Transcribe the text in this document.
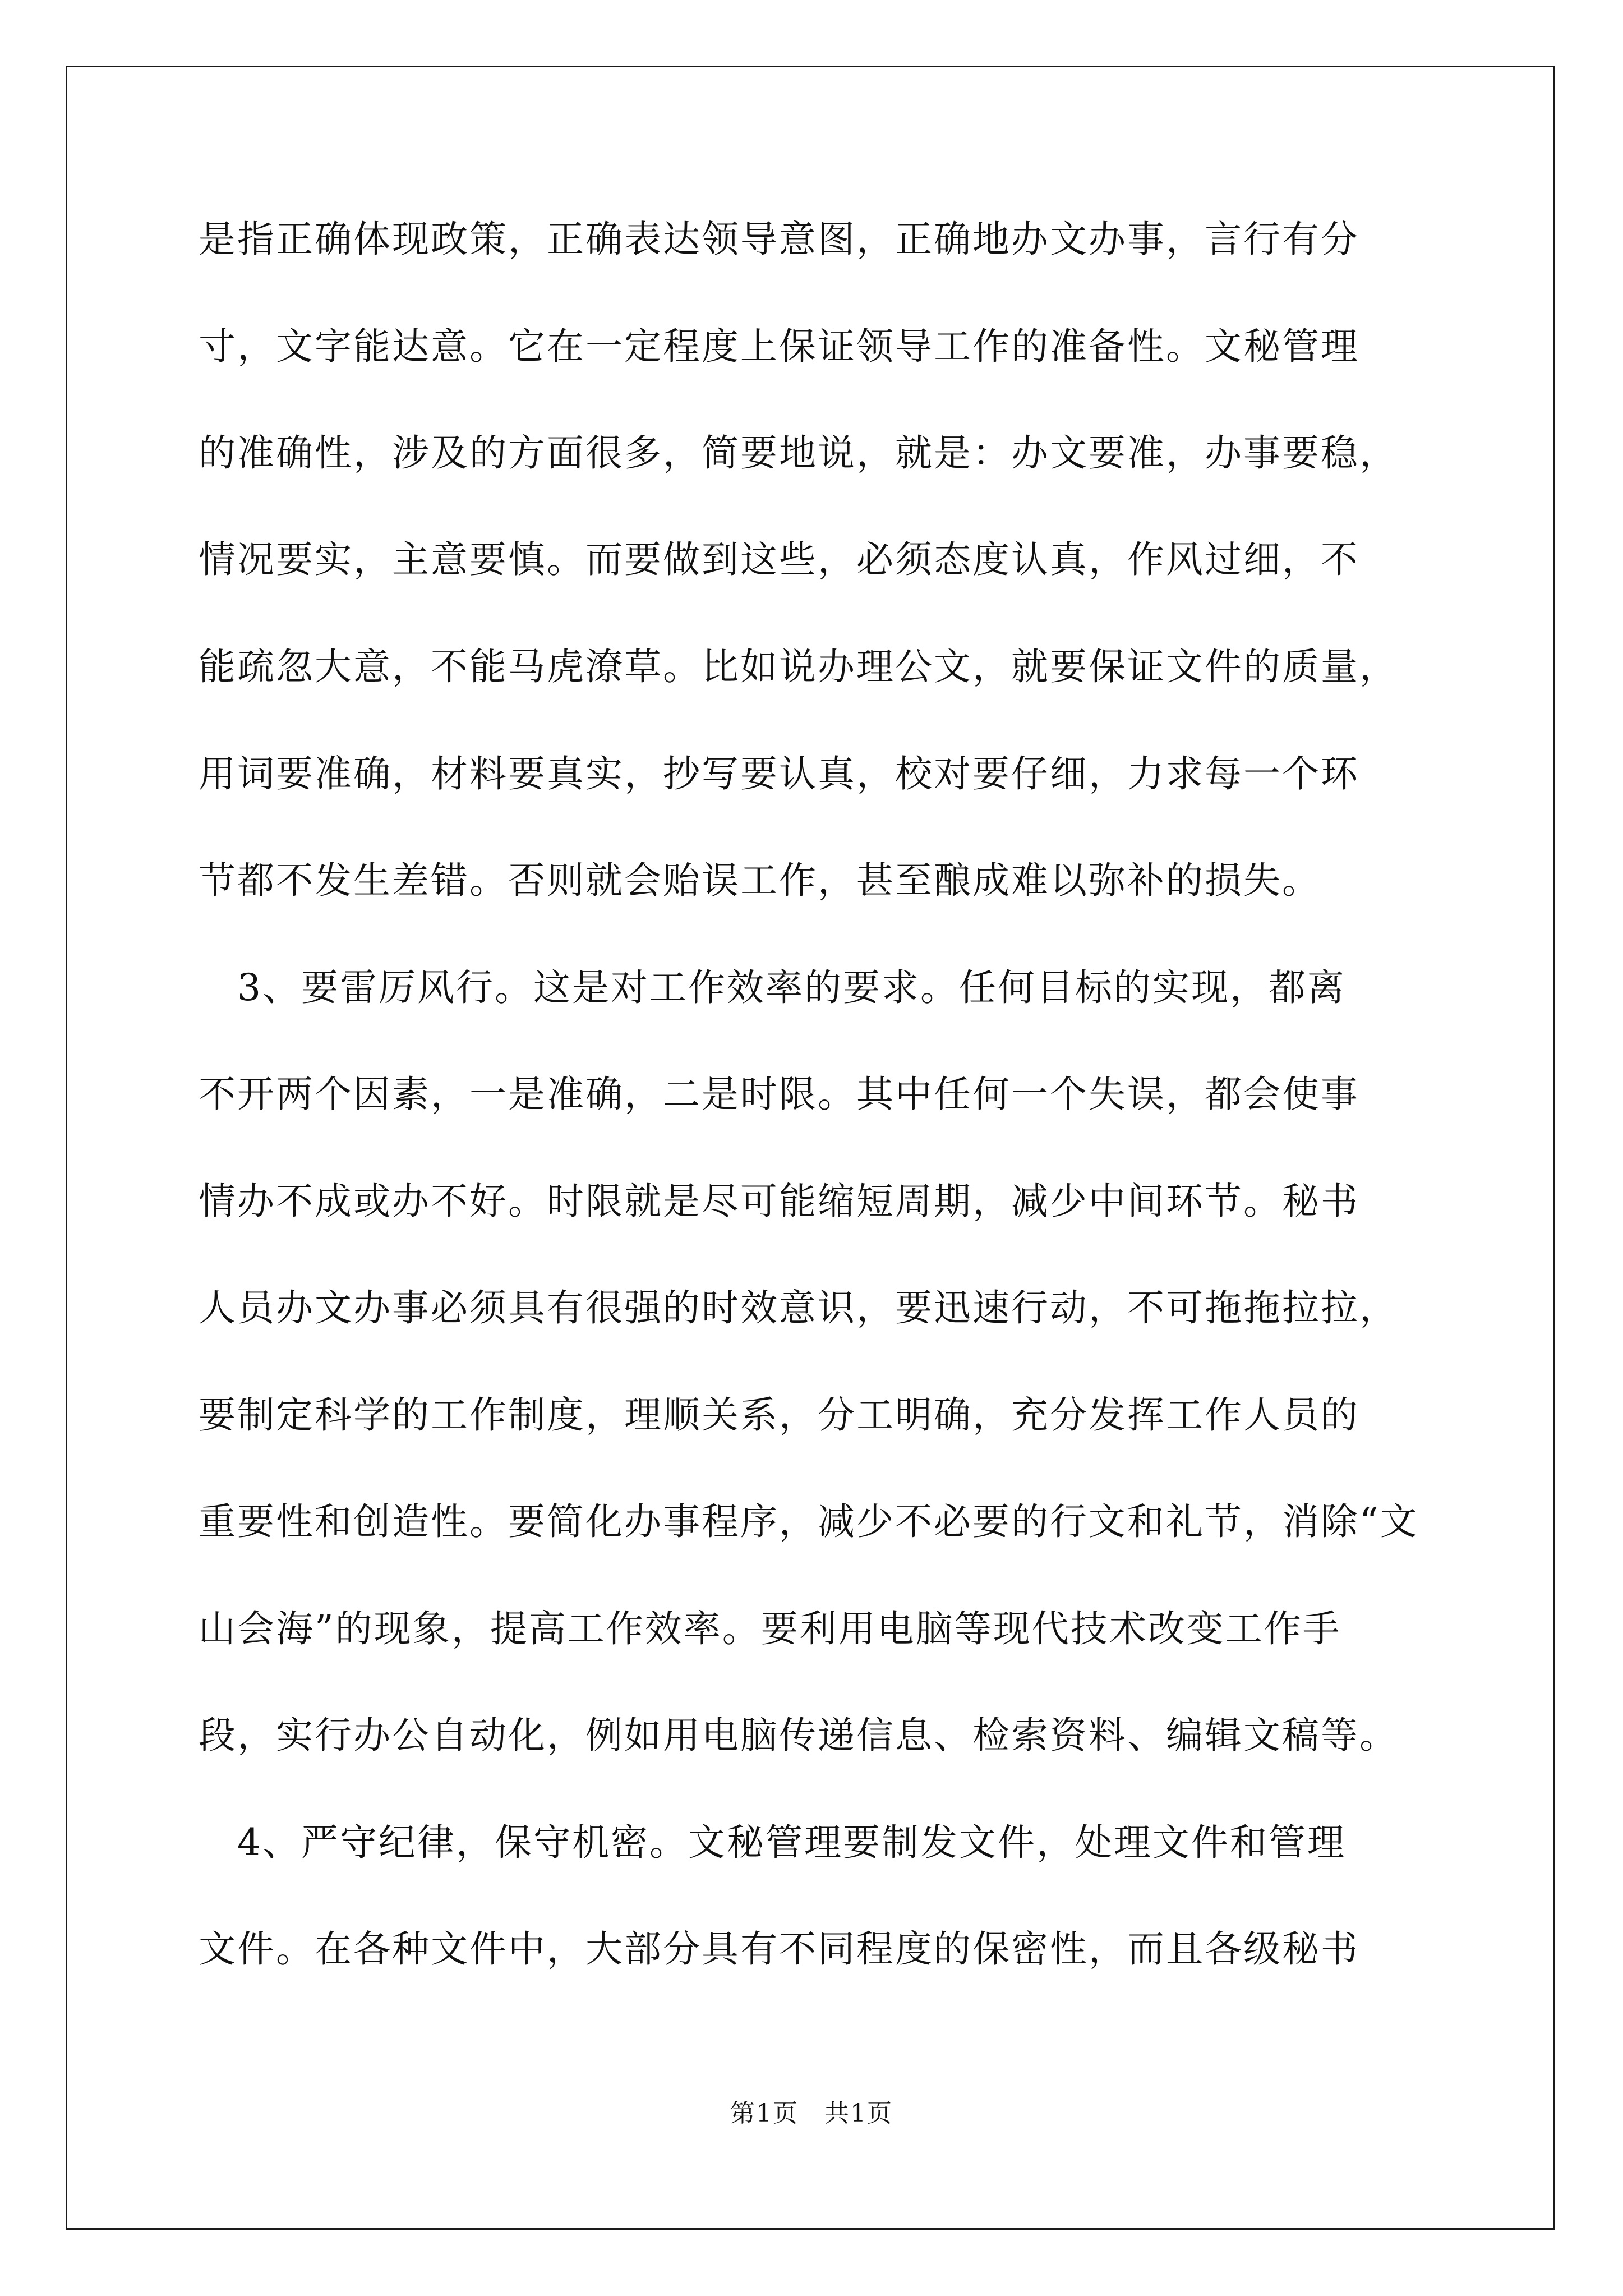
是指正确体现政策，正确表达领导意图，正确地办文办事，言行有分
寸，文字能达意。它在一定程度上保证领导工作的准备性。文秘管理
的准确性，涉及的方面很多，简要地说，就是：办文要准，办事要稳，
情况要实，主意要慎。而要做到这些，必须态度认真，作风过细，不
能疏忽大意，不能马虎潦草。比如说办理公文，就要保证文件的质量，
用词要准确，材料要真实，抄写要认真，校对要仔细，力求每一个环
节都不发生差错。否则就会贻误工作，甚至酿成难以弥补的损失。
　3、要雷厉风行。这是对工作效率的要求。任何目标的实现，都离
不开两个因素，一是准确，二是时限。其中任何一个失误，都会使事
情办不成或办不好。时限就是尽可能缩短周期，减少中间环节。秘书
人员办文办事必须具有很强的时效意识，要迅速行动，不可拖拖拉拉，
要制定科学的工作制度，理顺关系，分工明确，充分发挥工作人员的
重要性和创造性。要简化办事程序，减少不必要的行文和礼节，消除“文
山会海”的现象，提高工作效率。要利用电脑等现代技术改变工作手
段，实行办公自动化，例如用电脑传递信息、检索资料、编辑文稿等。
　4、严守纪律，保守机密。文秘管理要制发文件，处理文件和管理
文件。在各种文件中，大部分具有不同程度的保密性，而且各级秘书
第1页　共1页
